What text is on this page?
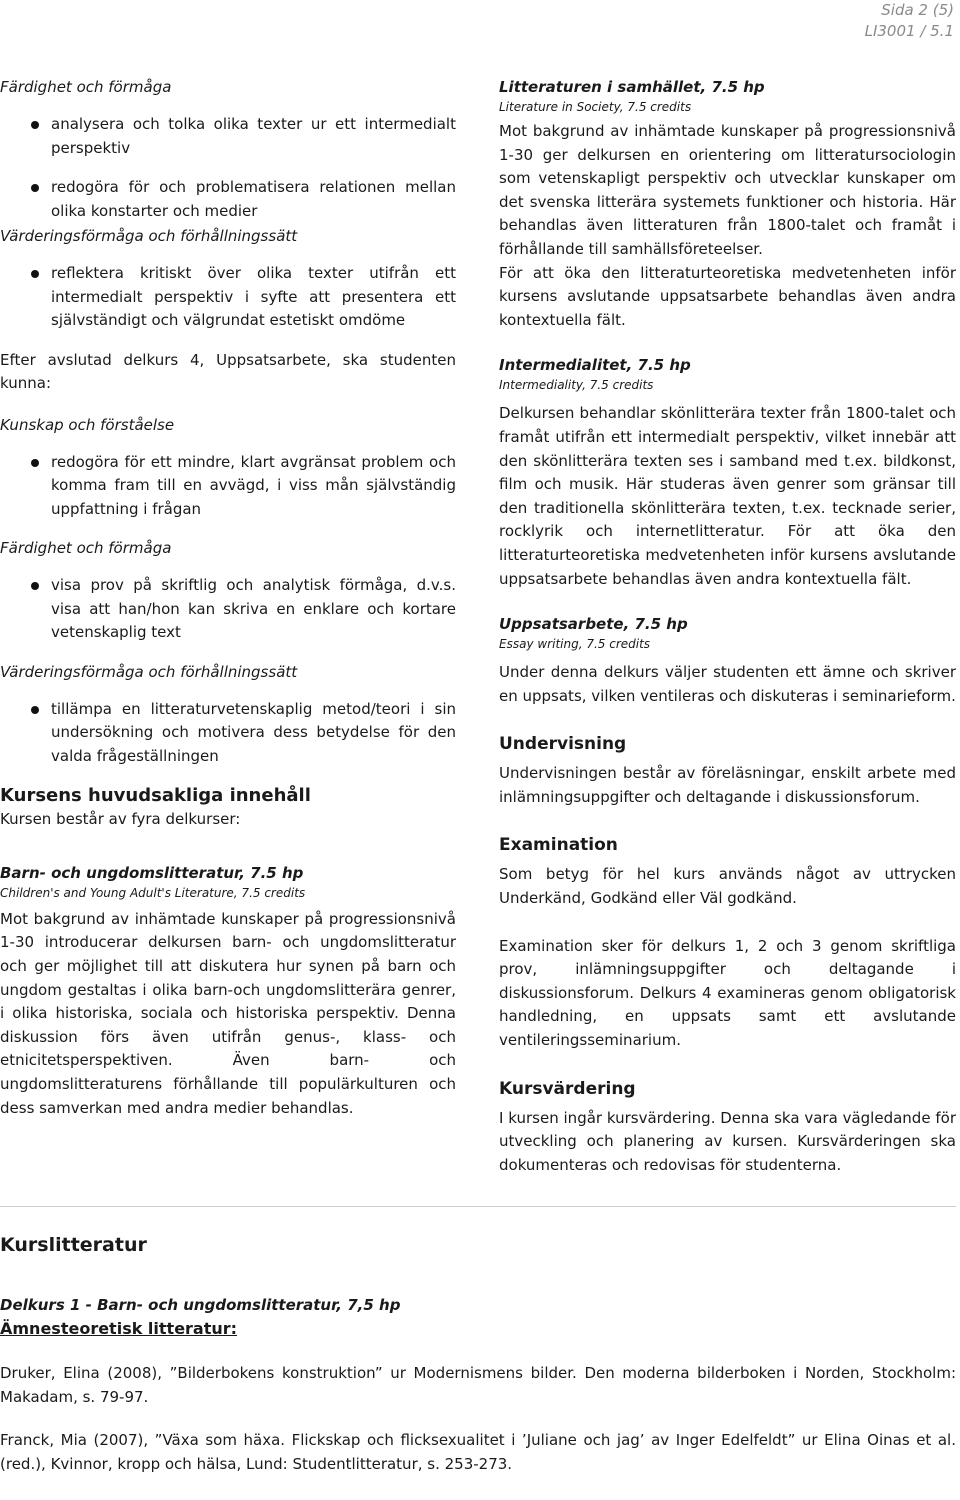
Sida 2 (5)
LI3001 / 5.1

Färdighet och förmåga

analysera och tolka olika texter ur ett intermedialt perspektiv
redogöra för och problematisera relationen mellan olika konstarter och medier

Värderingsförmåga och förhållningssätt

reflektera kritiskt över olika texter utifrån ett intermedialt perspektiv i syfte att presentera ett självständigt och välgrundat estetiskt omdöme

Efter avslutad delkurs 4, Uppsatsarbete, ska studenten kunna:

Kunskap och förståelse

redogöra för ett mindre, klart avgränsat problem och komma fram till en avvägd, i viss mån självständig uppfattning i frågan

Färdighet och förmåga

visa prov på skriftlig och analytisk förmåga, d.v.s. visa att han/hon kan skriva en enklare och kortare vetenskaplig text

Värderingsförmåga och förhållningssätt

tillämpa en litteraturvetenskaplig metod/teori i sin undersökning och motivera dess betydelse för den valda frågeställningen

Kursens huvudsakliga innehåll

Kursen består av fyra delkurser:

Barn- och ungdomslitteratur, 7.5 hp

Children's and Young Adult's Literature, 7.5 credits

Mot bakgrund av inhämtade kunskaper på progressionsnivå 1-30 introducerar delkursen barn- och ungdomslitteratur och ger möjlighet till att diskutera hur synen på barn och ungdom gestaltas i olika barn-och ungdomslitterära genrer, i olika historiska, sociala och historiska perspektiv. Denna diskussion förs även utifrån genus-, klass- och etnicitetsperspektiven. Även barn- och ungdomslitteraturens förhållande till populärkulturen och dess samverkan med andra medier behandlas.

Litteraturen i samhället, 7.5 hp

Literature in Society, 7.5 credits

Mot bakgrund av inhämtade kunskaper på progressionsnivå 1-30 ger delkursen en orientering om litteratursociologin som vetenskapligt perspektiv och utvecklar kunskaper om det svenska litterära systemets funktioner och historia. Här behandlas även litteraturen från 1800-talet och framåt i förhållande till samhällsföreteelser.

För att öka den litteraturteoretiska medvetenheten inför kursens avslutande uppsatsarbete behandlas även andra kontextuella fält.

Intermedialitet, 7.5 hp

Intermediality, 7.5 credits

Delkursen behandlar skönlitterära texter från 1800-talet och framåt utifrån ett intermedialt perspektiv, vilket innebär att den skönlitterära texten ses i samband med t.ex. bildkonst, film och musik. Här studeras även genrer som gränsar till den traditionella skönlitterära texten, t.ex. tecknade serier, rocklyrik och internetlitteratur. För att öka den litteraturteoretiska medvetenheten inför kursens avslutande uppsatsarbete behandlas även andra kontextuella fält.

Uppsatsarbete, 7.5 hp

Essay writing, 7.5 credits

Under denna delkurs väljer studenten ett ämne och skriver en uppsats, vilken ventileras och diskuteras i seminarieform.

Undervisning

Undervisningen består av föreläsningar, enskilt arbete med inlämningsuppgifter och deltagande i diskussionsforum.

Examination

Som betyg för hel kurs används något av uttrycken Underkänd, Godkänd eller Väl godkänd.

Examination sker för delkurs 1, 2 och 3 genom skriftliga prov, inlämningsuppgifter och deltagande i diskussionsforum. Delkurs 4 examineras genom obligatorisk handledning, en uppsats samt ett avslutande ventileringsseminarium.

Kursvärdering

I kursen ingår kursvärdering. Denna ska vara vägledande för utveckling och planering av kursen. Kursvärderingen ska dokumenteras och redovisas för studenterna.

Kurslitteratur

Delkurs 1 - Barn- och ungdomslitteratur, 7,5 hp

Ämnesteoretisk litteratur:

Druker, Elina (2008), ”Bilderbokens konstruktion” ur Modernismens bilder. Den moderna bilderboken i Norden, Stockholm: Makadam, s. 79-97.

Franck, Mia (2007), ”Växa som häxa. Flickskap och flicksexualitet i ’Juliane och jag’ av Inger Edelfeldt” ur Elina Oinas et al. (red.), Kvinnor, kropp och hälsa, Lund: Studentlitteratur, s. 253-273.
